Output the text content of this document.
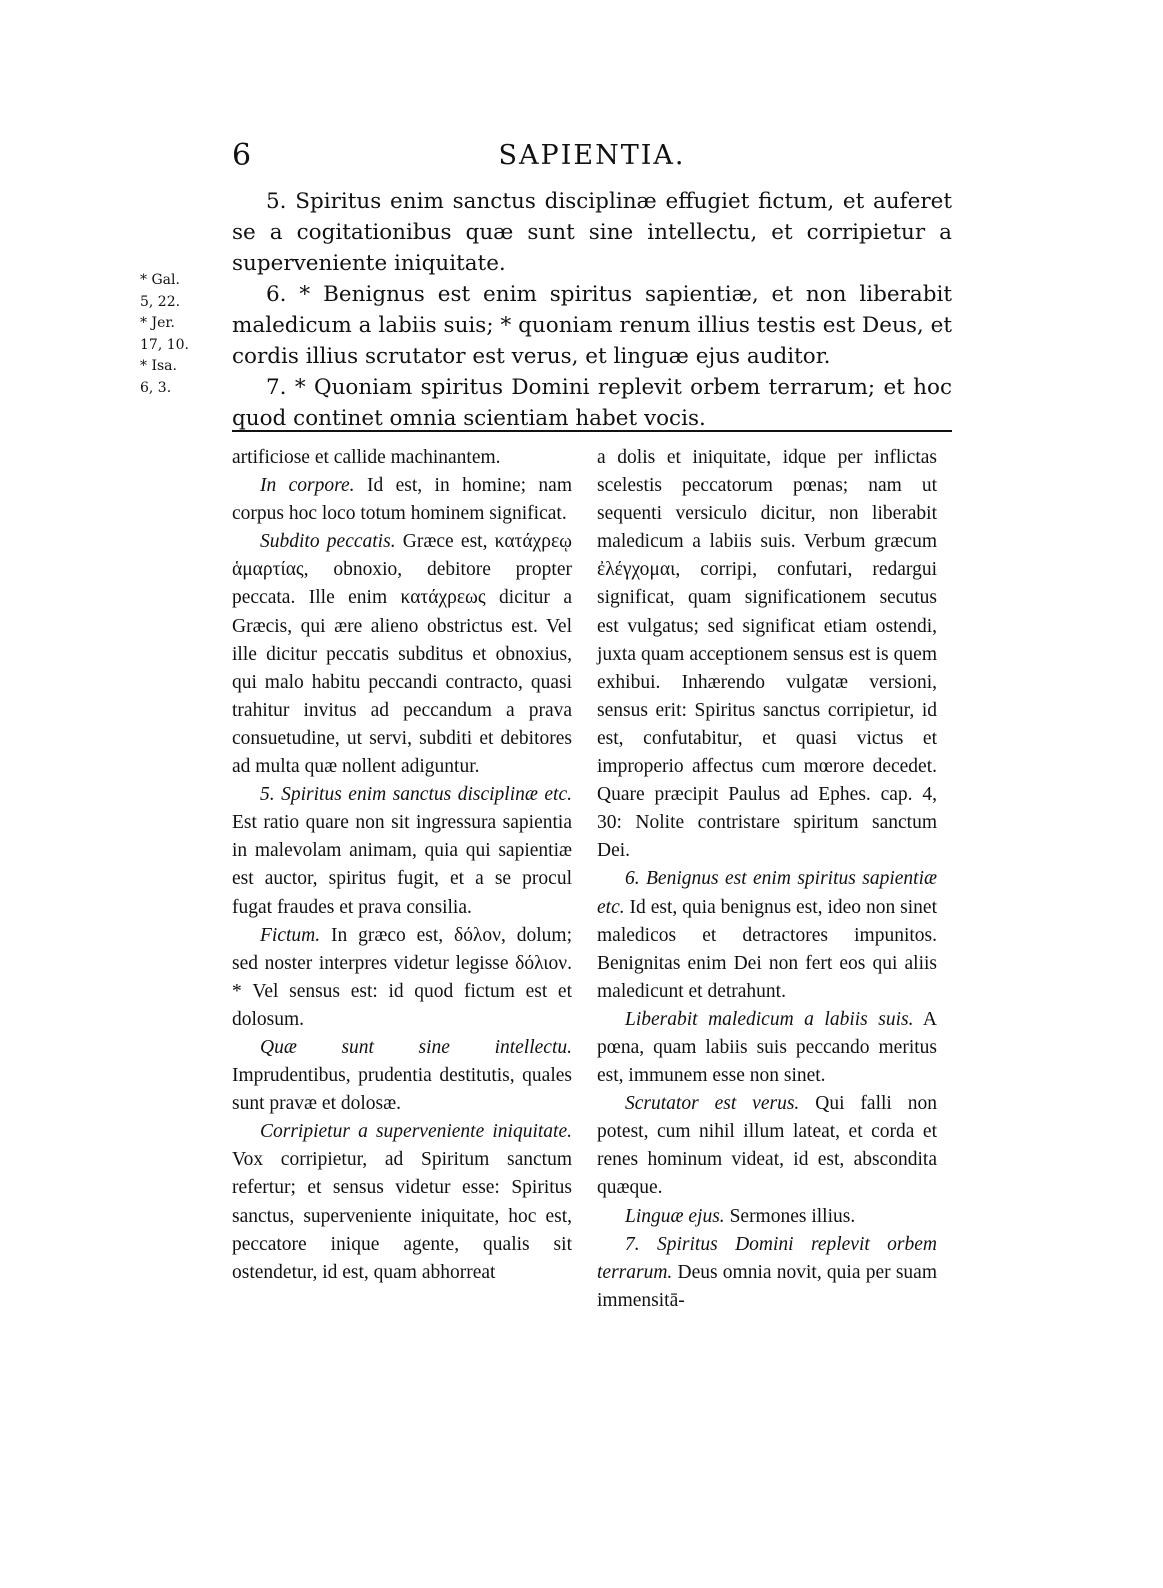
6	SAPIENTIA.
* Gal.
5, 22.
* Jer.
17, 10.
* Isa.
6, 3.

5. Spiritus enim sanctus disciplinæ effugiet fictum, et auferet se a cogitationibus quæ sunt sine intellectu, et corripietur a superveniente iniquitate.

6. * Benignus est enim spiritus sapientiæ, et non liberabit maledicum a labiis suis; * quoniam renum illius testis est Deus, et cordis illius scrutator est verus, et linguæ ejus auditor.

7. * Quoniam spiritus Domini replevit orbem terrarum; et hoc quod continet omnia scientiam habet vocis.

artificiose et callide machinantem.

In corpore. Id est, in homine; nam corpus hoc loco totum hominem significat.

Subdito peccatis. Græce est, κατάχρεῳ ἁμαρτίας, obnoxio, debitore propter peccata. Ille enim κατάχρεως dicitur a Græcis, qui ære alieno obstrictus est. Vel ille dicitur peccatis subditus et obnoxius, qui malo habitu peccandi contracto, quasi trahitur invitus ad peccandum a prava consuetudine, ut servi, subditi et debitores ad multa quæ nollent adiguntur.

5. Spiritus enim sanctus disciplinæ etc. Est ratio quare non sit ingressura sapientia in malevolam animam, quia qui sapientiæ est auctor, spiritus fugit, et a se procul fugat fraudes et prava consilia.

Fictum. In græco est, δόλον, dolum; sed noster interpres videtur legisse δόλιον. * Vel sensus est: id quod fictum est et dolosum.

Quæ sunt sine intellectu. Imprudentibus, prudentia destitutis, quales sunt pravæ et dolosæ.

Corripietur a superveniente iniquitate. Vox corripietur, ad Spiritum sanctum refertur; et sensus videtur esse: Spiritus sanctus, superveniente iniquitate, hoc est, peccatore inique agente, qualis sit ostendetur, id est, quam abhorreat

a dolis et iniquitate, idque per inflictas scelestis peccatorum pœnas; nam ut sequenti versiculo dicitur, non liberabit maledicum a labiis suis. Verbum græcum ἐλέγχομαι, corripi, confutari, redargui significat, quam significationem secutus est vulgatus; sed significat etiam ostendi, juxta quam acceptionem sensus est is quem exhibui. Inhærendo vulgatæ versioni, sensus erit: Spiritus sanctus corripietur, id est, confutabitur, et quasi victus et improperio affectus cum mœrore decedet. Quare præcipit Paulus ad Ephes. cap. 4, 30: Nolite contristare spiritum sanctum Dei.

6. Benignus est enim spiritus sapientiæ etc. Id est, quia benignus est, ideo non sinet maledicos et detractores impunitos. Benignitas enim Dei non fert eos qui aliis maledicunt et detrahunt.

Liberabit maledicum a labiis suis. A pœna, quam labiis suis peccando meritus est, immunem esse non sinet.

Scrutator est verus. Qui falli non potest, cum nihil illum lateat, et corda et renes hominum videat, id est, abscondita quæque.

Linguæ ejus. Sermones illius.

7. Spiritus Domini replevit orbem terrarum. Deus omnia novit, quia per suam immensitā-
